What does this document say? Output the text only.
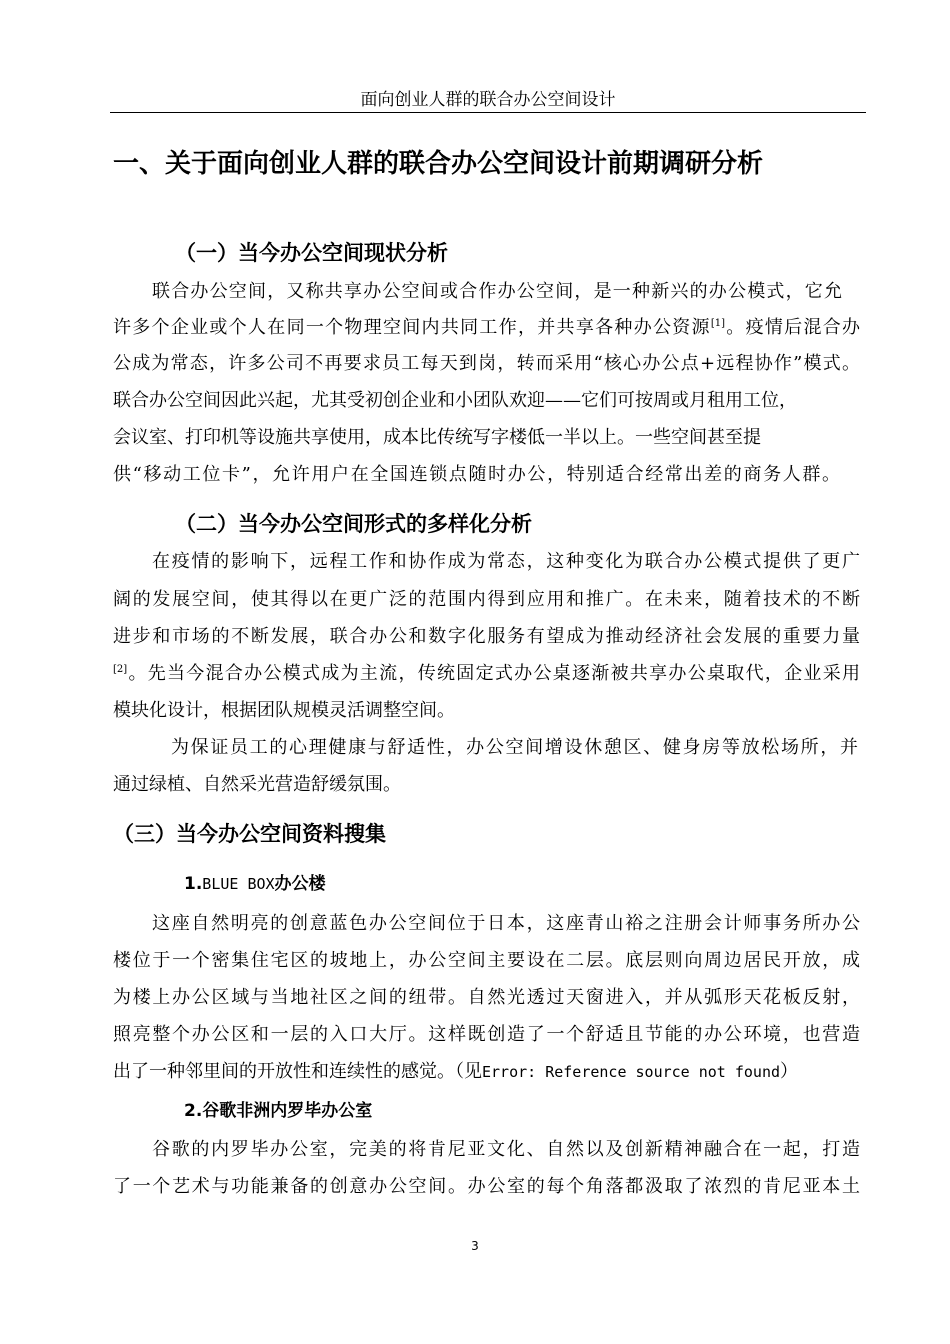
面向创业人群的联合办公空间设计
一、关于面向创业人群的联合办公空间设计前期调研分析
（一）当今办公空间现状分析
联合办公空间，又称共享办公空间或合作办公空间，是一种新兴的办公模式，它允
许多个企业或个人在同一个物理空间内共同工作，并共享各种办公资源[1]。疫情后混合办
公成为常态，许多公司不再要求员工每天到岗，转而采用“核心办公点+远程协作”模式。
联合办公空间因此兴起，尤其受初创企业和小团队欢迎——它们可按周或月租用工位，
会议室、打印机等设施共享使用，成本比传统写字楼低一半以上。一些空间甚至提
供“移动工位卡”，允许用户在全国连锁点随时办公，特别适合经常出差的商务人群。
（二）当今办公空间形式的多样化分析
在疫情的影响下，远程工作和协作成为常态，这种变化为联合办公模式提供了更广
阔的发展空间，使其得以在更广泛的范围内得到应用和推广。在未来，随着技术的不断
进步和市场的不断发展，联合办公和数字化服务有望成为推动经济社会发展的重要力量
[2]。先当今混合办公模式成为主流，传统固定式办公桌逐渐被共享办公桌取代，企业采用
模块化设计，根据团队规模灵活调整空间。
为保证员工的心理健康与舒适性，办公空间增设休憩区、健身房等放松场所，并
通过绿植、自然采光营造舒缓氛围。
（三）当今办公空间资料搜集
1.BLUE BOX办公楼
这座自然明亮的创意蓝色办公空间位于日本，这座青山裕之注册会计师事务所办公
楼位于一个密集住宅区的坡地上，办公空间主要设在二层。底层则向周边居民开放，成
为楼上办公区域与当地社区之间的纽带。自然光透过天窗进入，并从弧形天花板反射，
照亮整个办公区和一层的入口大厅。这样既创造了一个舒适且节能的办公环境，也营造
出了一种邻里间的开放性和连续性的感觉。（见Error: Reference source not found）
2.谷歌非洲内罗毕办公室
谷歌的内罗毕办公室，完美的将肯尼亚文化、自然以及创新精神融合在一起，打造
了一个艺术与功能兼备的创意办公空间。办公室的每个角落都汲取了浓烈的肯尼亚本土
3
